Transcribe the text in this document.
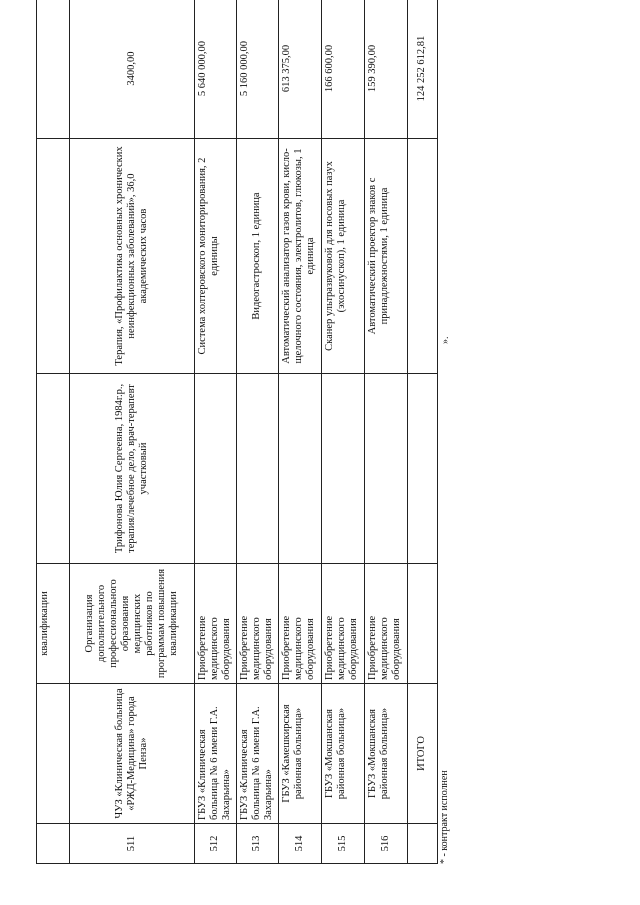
		квалификации			
511	ЧУЗ «Клиническая больница «РЖД-Медицина» города Пенза»	Организация дополнительного профессионального образования медицинских работников по программам повышения квалификации	Трифонова Юлия Сергеевна, 1984г.р., терапия/лечебное дело, врач-терапевт участковый	Терапия, «Профилактика основных хронических неинфекционных заболеваний», 36,0 академических часов	3400,00
512	ГБУЗ «Клиническая больница № 6 имени Г.А. Захарьина»	Приобретение медицинского оборудования		Система холтеровского мониторирования, 2 единицы	5 640 000,00
513	ГБУЗ «Клиническая больница № 6 имени Г.А. Захарьина»	Приобретение медицинского оборудования		Видеогастроскоп, 1 единица	5 160 000,00
514	ГБУЗ «Камешкирская районная больница»	Приобретение медицинского оборудования		Автоматический анализатор газов крови, кисло-щелочного состояния, электролитов, глюкозы, 1 единица	613 375,00
515	ГБУЗ «Мокшанская районная больница»	Приобретение медицинского оборудования		Сканер ультразвуковой для носовых пазух (эхосинускоп), 1 единица	166 600,00
516	ГБУЗ «Мокшанская районная больница»	Приобретение медицинского оборудования		Автоматический проектор знаков с принадлежностями, 1 единица	159 390,00
	ИТОГО				124 252 612,81
* - контракт исполнен
».
